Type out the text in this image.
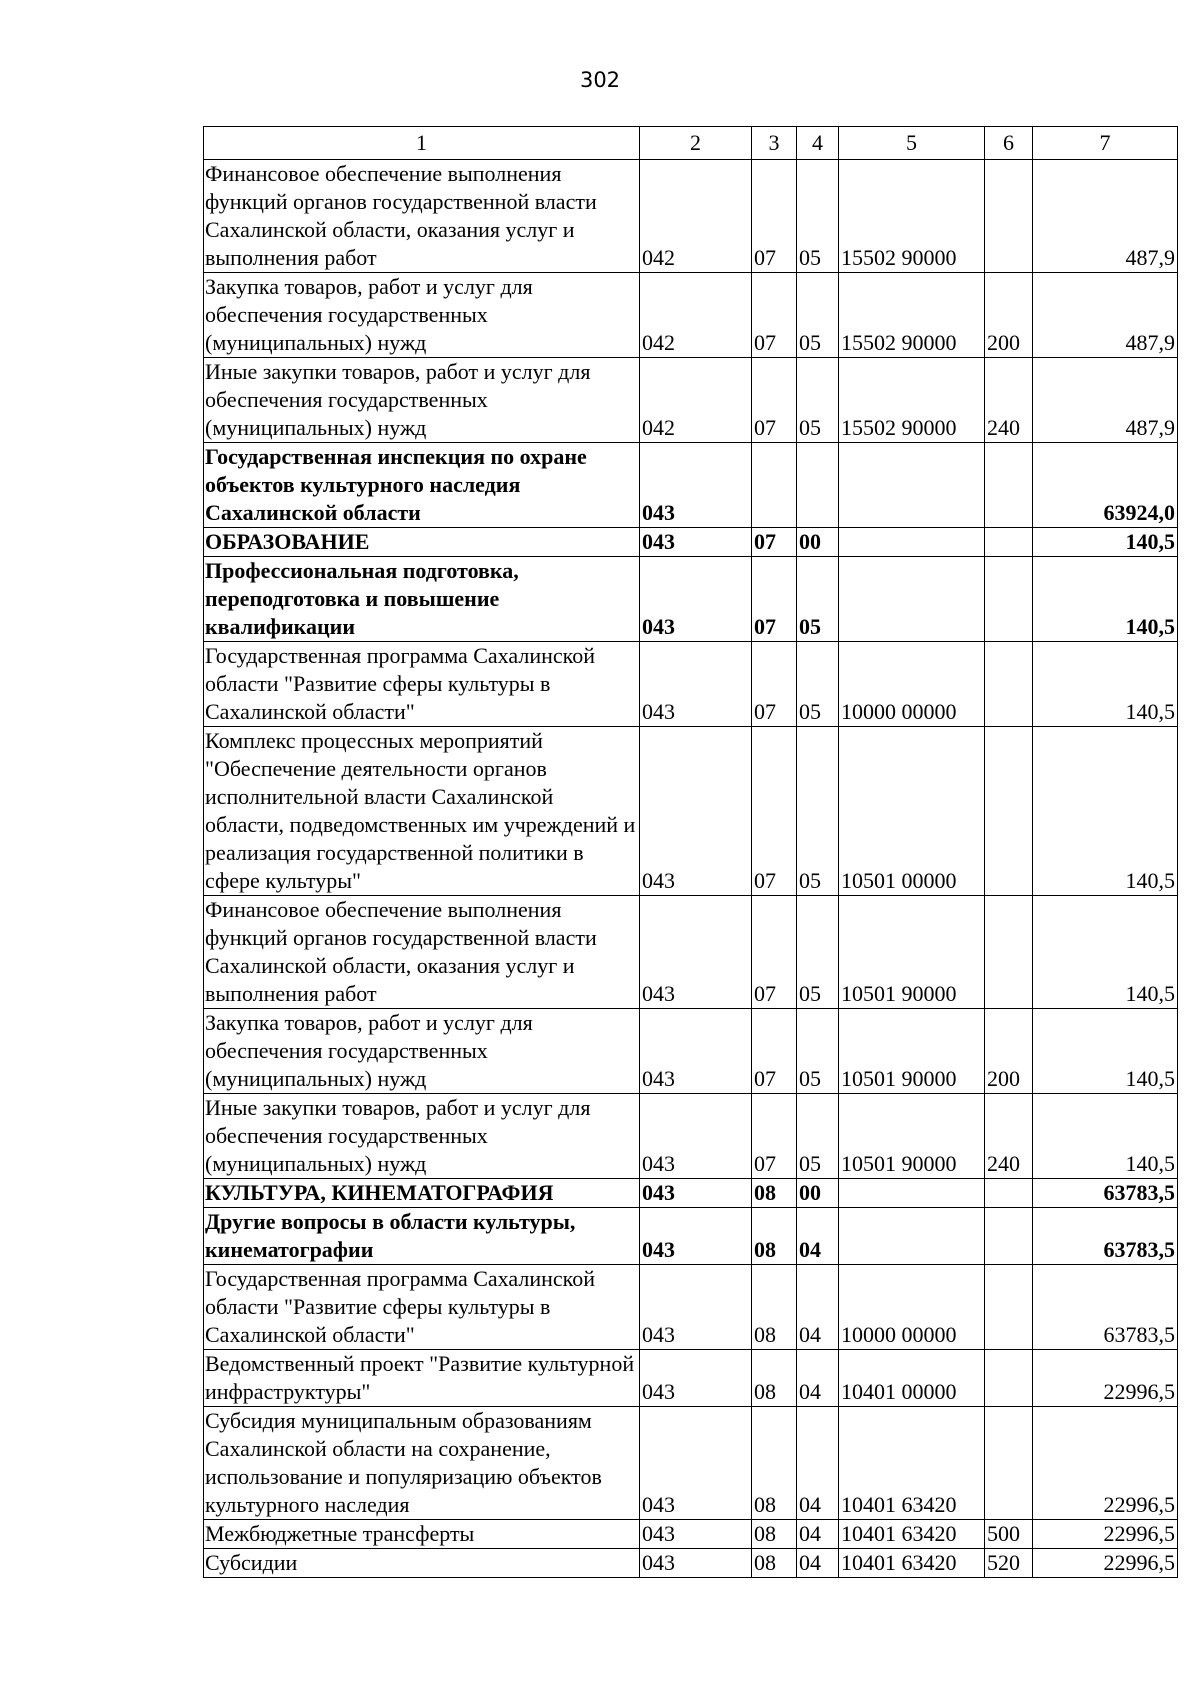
302
1	2	3	4	5	6	7
Финансовое обеспечение выполнения функций органов государственной власти Сахалинской области, оказания услуг и выполнения работ	042	07	05	15502 90000		487,9
Закупка товаров, работ и услуг для обеспечения государственных (муниципальных) нужд	042	07	05	15502 90000	200	487,9
Иные закупки товаров, работ и услуг для обеспечения государственных (муниципальных) нужд	042	07	05	15502 90000	240	487,9
Государственная инспекция по охране объектов культурного наследия Сахалинской области	043					63924,0
ОБРАЗОВАНИЕ	043	07	00			140,5
Профессиональная подготовка, переподготовка и повышение квалификации	043	07	05			140,5
Государственная программа Сахалинской области "Развитие сферы культуры в Сахалинской области"	043	07	05	10000 00000		140,5
Комплекс процессных мероприятий "Обеспечение деятельности органов исполнительной власти Сахалинской области, подведомственных им учреждений и реализация государственной политики в сфере культуры"	043	07	05	10501 00000		140,5
Финансовое обеспечение выполнения функций органов государственной власти Сахалинской области, оказания услуг и выполнения работ	043	07	05	10501 90000		140,5
Закупка товаров, работ и услуг для обеспечения государственных (муниципальных) нужд	043	07	05	10501 90000	200	140,5
Иные закупки товаров, работ и услуг для обеспечения государственных (муниципальных) нужд	043	07	05	10501 90000	240	140,5
КУЛЬТУРА, КИНЕМАТОГРАФИЯ	043	08	00			63783,5
Другие вопросы в области культуры, кинематографии	043	08	04			63783,5
Государственная программа Сахалинской области "Развитие сферы культуры в Сахалинской области"	043	08	04	10000 00000		63783,5
Ведомственный проект "Развитие культурной инфраструктуры"	043	08	04	10401 00000		22996,5
Субсидия муниципальным образованиям Сахалинской области на сохранение, использование и популяризацию объектов культурного наследия	043	08	04	10401 63420		22996,5
Межбюджетные трансферты	043	08	04	10401 63420	500	22996,5
Субсидии	043	08	04	10401 63420	520	22996,5
